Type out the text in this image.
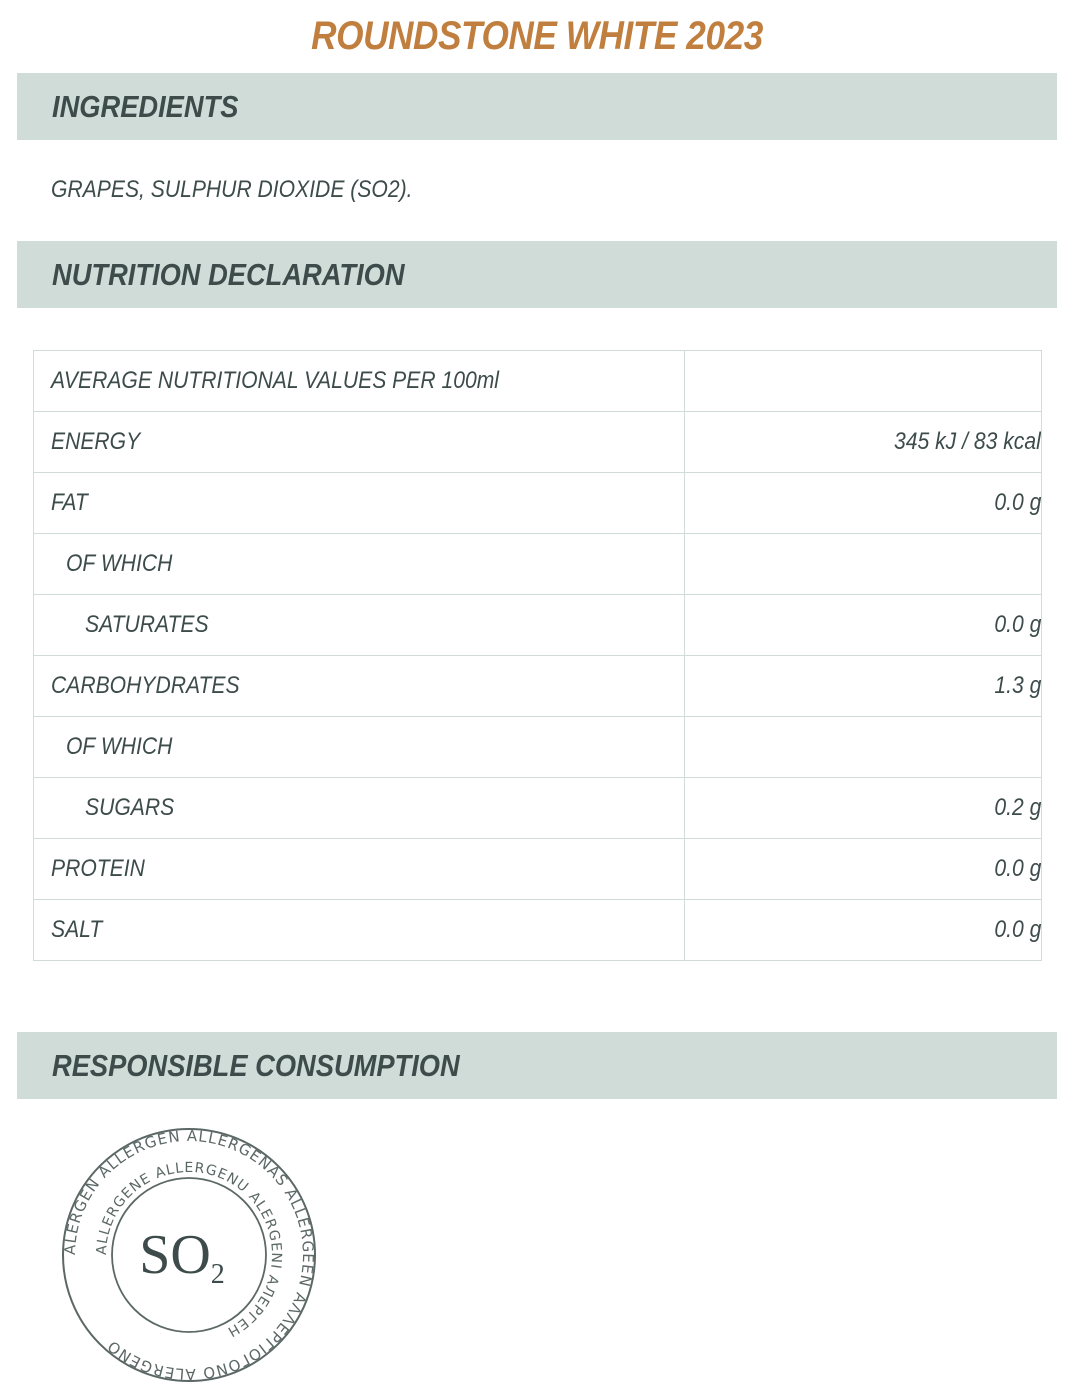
ROUNDSTONE WHITE 2023
INGREDIENTS
GRAPES, SULPHUR DIOXIDE (SO2).
NUTRITION DECLARATION
AVERAGE NUTRITIONAL VALUES PER 100ml	
ENERGY	345 kJ / 83 kcal
FAT	0.0 g
OF WHICH	
SATURATES	0.0 g
CARBOHYDRATES	1.3 g
OF WHICH	
SUGARS	0.2 g
PROTEIN	0.0 g
SALT	0.0 g
RESPONSIBLE CONSUMPTION
ALERGEN ALLERGEN ALLERGENAS ALLERGEEN ΑΛΛΕΡΓΙΟΓΟΝΟ ALERGENO
ALLERGENE ALLERGENU ALERGENI АЛЕРГЕН
SO2
